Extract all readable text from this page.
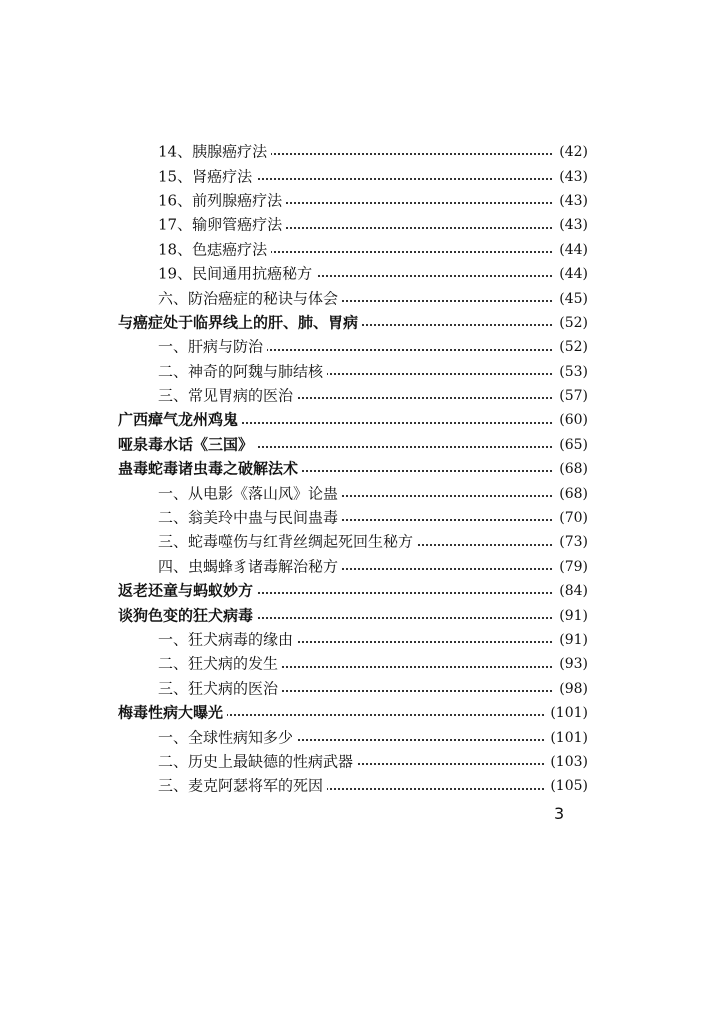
14、胰腺癌疗法	(42)
15、肾癌疗法	(43)
16、前列腺癌疗法	(43)
17、输卵管癌疗法	(43)
18、色痣癌疗法	(44)
19、民间通用抗癌秘方	(44)
六、防治癌症的秘诀与体会	(45)
与癌症处于临界线上的肝、肺、胃病	(52)
一、肝病与防治	(52)
二、神奇的阿魏与肺结核	(53)
三、常见胃病的医治	(57)
广西瘴气龙州鸡鬼	(60)
哑泉毒水话《三国》	(65)
蛊毒蛇毒诸虫毒之破解法术	(68)
一、从电影《落山风》论蛊	(68)
二、翁美玲中蛊与民间蛊毒	(70)
三、蛇毒噬伤与红背丝绸起死回生秘方	(73)
四、虫蝎蜂豸诸毒解治秘方	(79)
返老还童与蚂蚁妙方	(84)
谈狗色变的狂犬病毒	(91)
一、狂犬病毒的缘由	(91)
二、狂犬病的发生	(93)
三、狂犬病的医治	(98)
梅毒性病大曝光	(101)
一、全球性病知多少	(101)
二、历史上最缺德的性病武器	(103)
三、麦克阿瑟将军的死因	(105)
3
